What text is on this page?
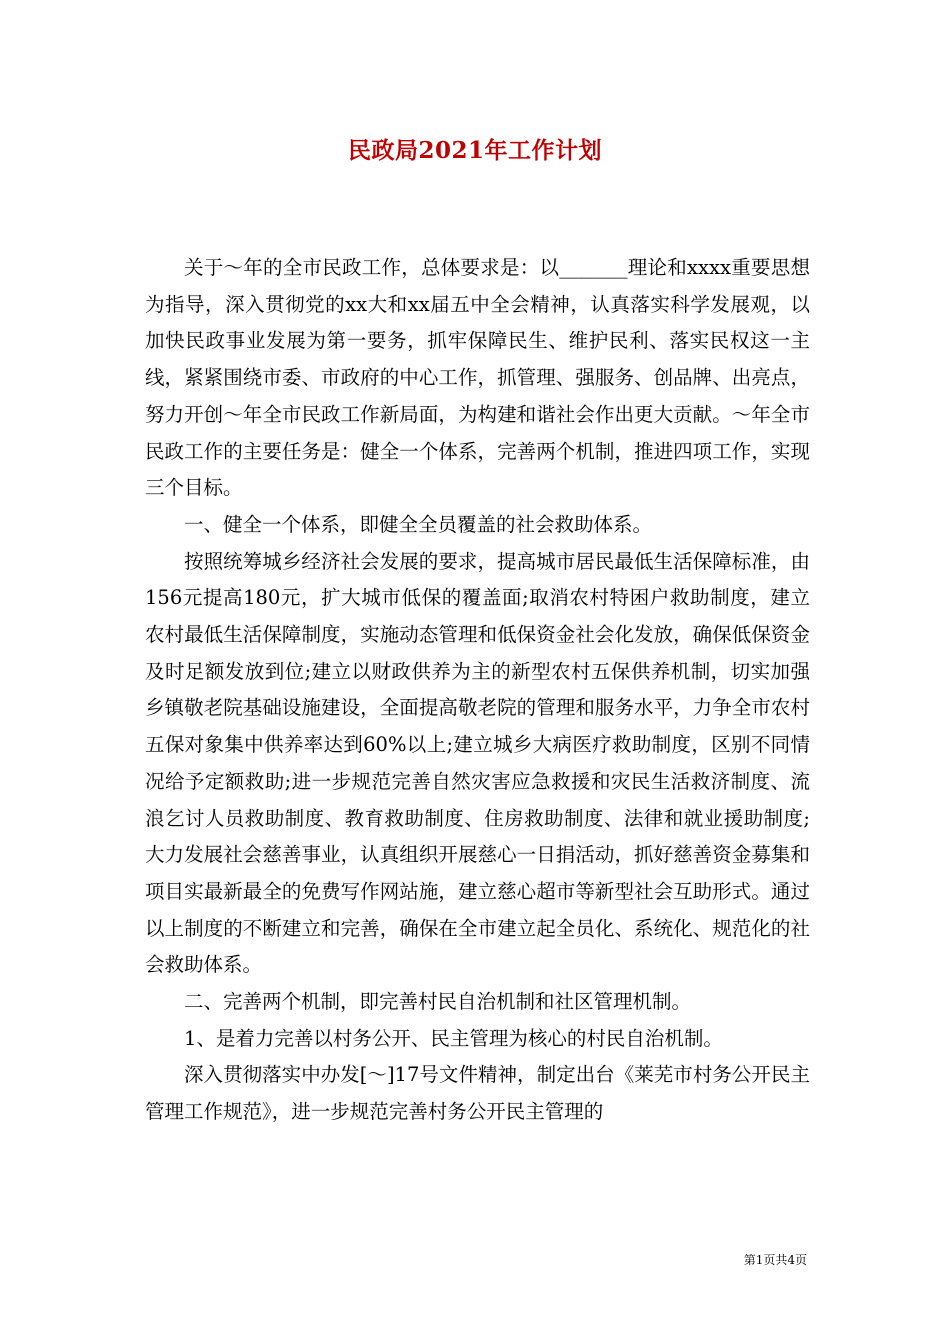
民政局2021年工作计划

关于～年的全市民政工作，总体要求是：以_______理论和xxxx重要思想为指导，深入贯彻党的xx大和xx届五中全会精神，认真落实科学发展观，以加快民政事业发展为第一要务，抓牢保障民生、维护民利、落实民权这一主线，紧紧围绕市委、市政府的中心工作，抓管理、强服务、创品牌、出亮点，努力开创～年全市民政工作新局面，为构建和谐社会作出更大贡献。～年全市民政工作的主要任务是：健全一个体系，完善两个机制，推进四项工作，实现三个目标。

一、健全一个体系，即健全全员覆盖的社会救助体系。

按照统筹城乡经济社会发展的要求，提高城市居民最低生活保障标准，由156元提高180元，扩大城市低保的覆盖面;取消农村特困户救助制度，建立农村最低生活保障制度，实施动态管理和低保资金社会化发放，确保低保资金及时足额发放到位;建立以财政供养为主的新型农村五保供养机制，切实加强乡镇敬老院基础设施建设，全面提高敬老院的管理和服务水平，力争全市农村五保对象集中供养率达到60%以上;建立城乡大病医疗救助制度，区别不同情况给予定额救助;进一步规范完善自然灾害应急救援和灾民生活救济制度、流浪乞讨人员救助制度、教育救助制度、住房救助制度、法律和就业援助制度;大力发展社会慈善事业，认真组织开展慈心一日捐活动，抓好慈善资金募集和项目实最新最全的免费写作网站施，建立慈心超市等新型社会互助形式。通过以上制度的不断建立和完善，确保在全市建立起全员化、系统化、规范化的社会救助体系。

二、完善两个机制，即完善村民自治机制和社区管理机制。

1、是着力完善以村务公开、民主管理为核心的村民自治机制。

深入贯彻落实中办发[～]17号文件精神，制定出台《莱芜市村务公开民主管理工作规范》，进一步规范完善村务公开民主管理的

第1页共4页
